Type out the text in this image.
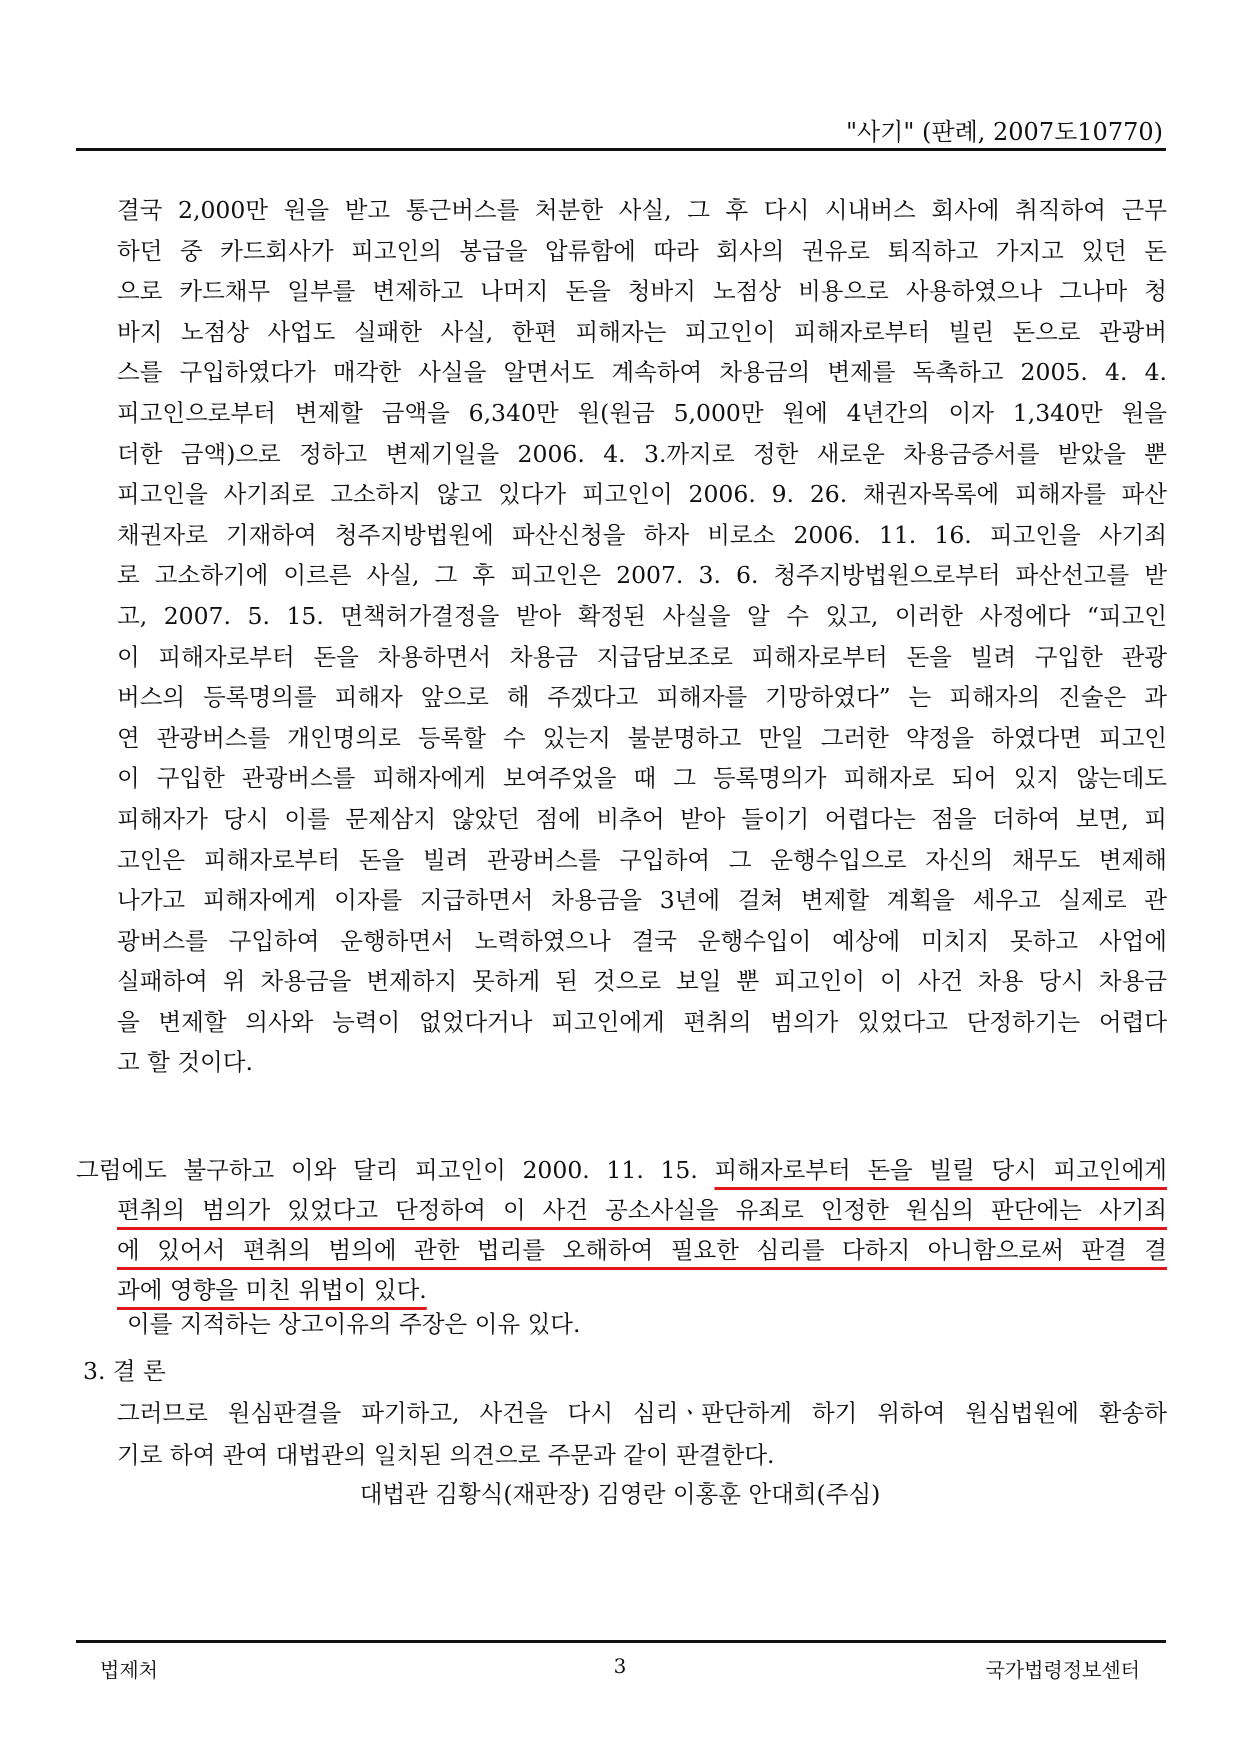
"사기" (판례, 2007도10770)
결국 2,000만 원을 받고 통근버스를 처분한 사실, 그 후 다시 시내버스 회사에 취직하여 근무
하던 중 카드회사가 피고인의 봉급을 압류함에 따라 회사의 권유로 퇴직하고 가지고 있던 돈
으로 카드채무 일부를 변제하고 나머지 돈을 청바지 노점상 비용으로 사용하였으나 그나마 청
바지 노점상 사업도 실패한 사실, 한편 피해자는 피고인이 피해자로부터 빌린 돈으로 관광버
스를 구입하였다가 매각한 사실을 알면서도 계속하여 차용금의 변제를 독촉하고 2005. 4. 4.
피고인으로부터 변제할 금액을 6,340만 원(원금 5,000만 원에 4년간의 이자 1,340만 원을
더한 금액)으로 정하고 변제기일을 2006. 4. 3.까지로 정한 새로운 차용금증서를 받았을 뿐
피고인을 사기죄로 고소하지 않고 있다가 피고인이 2006. 9. 26. 채권자목록에 피해자를 파산
채권자로 기재하여 청주지방법원에 파산신청을 하자 비로소 2006. 11. 16. 피고인을 사기죄
로 고소하기에 이르른 사실, 그 후 피고인은 2007. 3. 6. 청주지방법원으로부터 파산선고를 받
고, 2007. 5. 15. 면책허가결정을 받아 확정된 사실을 알 수 있고, 이러한 사정에다 “피고인
이 피해자로부터 돈을 차용하면서 차용금 지급담보조로 피해자로부터 돈을 빌려 구입한 관광
버스의 등록명의를 피해자 앞으로 해 주겠다고 피해자를 기망하였다” 는 피해자의 진술은 과
연 관광버스를 개인명의로 등록할 수 있는지 불분명하고 만일 그러한 약정을 하였다면 피고인
이 구입한 관광버스를 피해자에게 보여주었을 때 그 등록명의가 피해자로 되어 있지 않는데도
피해자가 당시 이를 문제삼지 않았던 점에 비추어 받아 들이기 어렵다는 점을 더하여 보면, 피
고인은 피해자로부터 돈을 빌려 관광버스를 구입하여 그 운행수입으로 자신의 채무도 변제해
나가고 피해자에게 이자를 지급하면서 차용금을 3년에 걸쳐 변제할 계획을 세우고 실제로 관
광버스를 구입하여 운행하면서 노력하였으나 결국 운행수입이 예상에 미치지 못하고 사업에
실패하여 위 차용금을 변제하지 못하게 된 것으로 보일 뿐 피고인이 이 사건 차용 당시 차용금
을 변제할 의사와 능력이 없었다거나 피고인에게 편취의 범의가 있었다고 단정하기는 어렵다
고 할 것이다.
그럼에도 불구하고 이와 달리 피고인이 2000. 11. 15. 피해자로부터 돈을 빌릴 당시 피고인에게
편취의 범의가 있었다고 단정하여 이 사건 공소사실을 유죄로 인정한 원심의 판단에는 사기죄
에 있어서 편취의 범의에 관한 법리를 오해하여 필요한 심리를 다하지 아니함으로써 판결 결
과에 영향을 미친 위법이 있다.
이를 지적하는 상고이유의 주장은 이유 있다.
3. 결 론
그러므로 원심판결을 파기하고, 사건을 다시 심리ㆍ판단하게 하기 위하여 원심법원에 환송하
기로 하여 관여 대법관의 일치된 의견으로 주문과 같이 판결한다.
대법관 김황식(재판장) 김영란 이홍훈 안대희(주심)
법제처	3	국가법령정보센터
